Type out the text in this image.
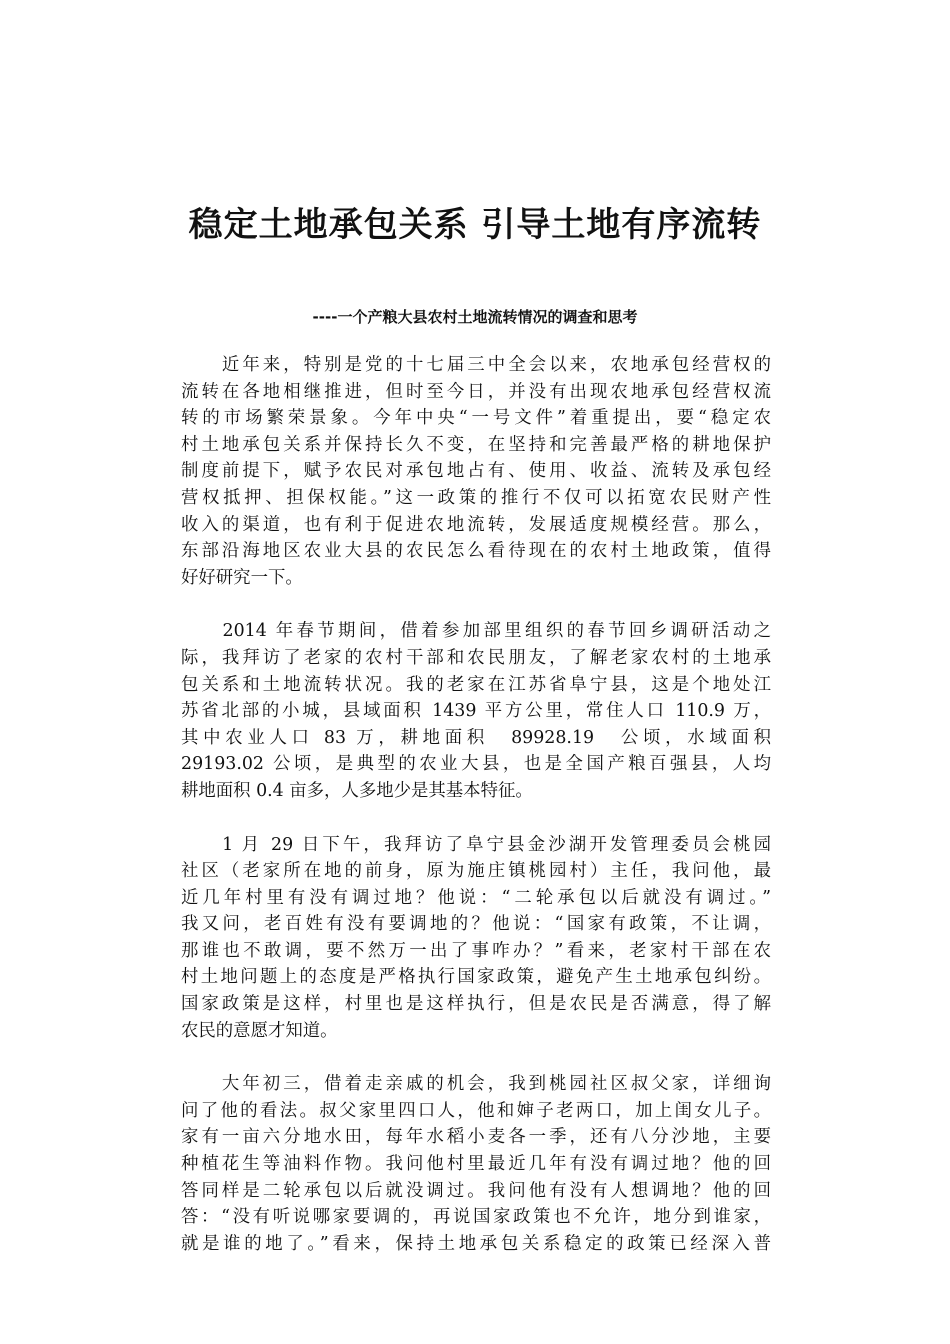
稳定土地承包关系 引导土地有序流转
----一个产粮大县农村土地流转情况的调查和思考
　　近年来，特别是党的十七届三中全会以来，农地承包经营权的
流转在各地相继推进，但时至今日，并没有出现农地承包经营权流
转的市场繁荣景象。今年中央“一号文件”着重提出，要“稳定农
村土地承包关系并保持长久不变，在坚持和完善最严格的耕地保护
制度前提下，赋予农民对承包地占有、使用、收益、流转及承包经
营权抵押、担保权能。”这一政策的推行不仅可以拓宽农民财产性
收入的渠道，也有利于促进农地流转，发展适度规模经营。那么，
东部沿海地区农业大县的农民怎么看待现在的农村土地政策，值得
好好研究一下。
　　2014 年春节期间，借着参加部里组织的春节回乡调研活动之
际，我拜访了老家的农村干部和农民朋友，了解老家农村的土地承
包关系和土地流转状况。我的老家在江苏省阜宁县，这是个地处江
苏省北部的小城，县域面积 1439 平方公里，常住人口 110.9 万，
其中农业人口 83 万，耕地面积　89928.19　公顷，水域面积
29193.02 公顷，是典型的农业大县，也是全国产粮百强县，人均
耕地面积 0.4 亩多，人多地少是其基本特征。
　　1 月 29 日下午，我拜访了阜宁县金沙湖开发管理委员会桃园
社区（老家所在地的前身，原为施庄镇桃园村）主任，我问他，最
近几年村里有没有调过地？他说：“二轮承包以后就没有调过。”
我又问，老百姓有没有要调地的？他说：“国家有政策，不让调，
那谁也不敢调，要不然万一出了事咋办？”看来，老家村干部在农
村土地问题上的态度是严格执行国家政策，避免产生土地承包纠纷。
国家政策是这样，村里也是这样执行，但是农民是否满意，得了解
农民的意愿才知道。
　　大年初三，借着走亲戚的机会，我到桃园社区叔父家，详细询
问了他的看法。叔父家里四口人，他和婶子老两口，加上闺女儿子。
家有一亩六分地水田，每年水稻小麦各一季，还有八分沙地，主要
种植花生等油料作物。我问他村里最近几年有没有调过地？他的回
答同样是二轮承包以后就没调过。我问他有没有人想调地？他的回
答：“没有听说哪家要调的，再说国家政策也不允许，地分到谁家，
就是谁的地了。”看来，保持土地承包关系稳定的政策已经深入普
